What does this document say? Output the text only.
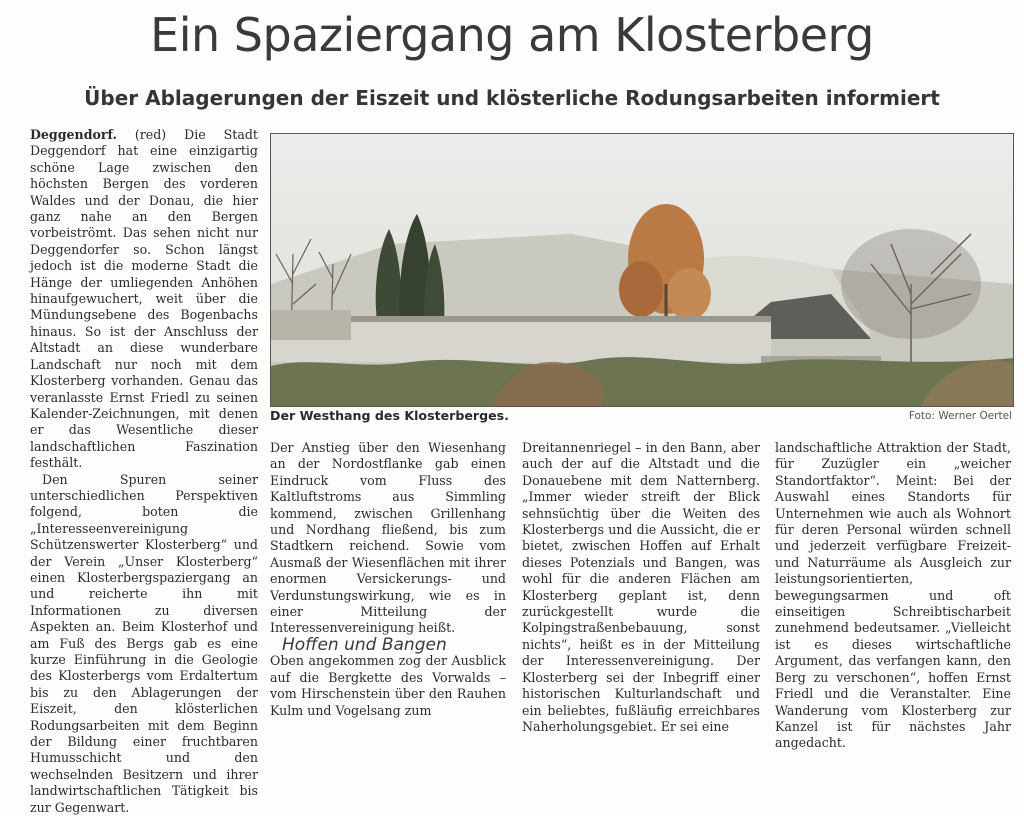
Ein Spaziergang am Klosterberg
Über Ablagerungen der Eiszeit und klösterliche Rodungsarbeiten informiert

Deggendorf. (red) Die Stadt Deggendorf hat eine einzigartig schöne Lage zwischen den höchsten Bergen des vorderen Waldes und der Donau, die hier ganz nahe an den Bergen vorbeiströmt. Das sehen nicht nur Deggendorfer so. Schon längst jedoch ist die moderne Stadt die Hänge der umliegenden Anhöhen hinaufgewuchert, weit über die Mündungsebene des Bogenbachs hinaus. So ist der Anschluss der Altstadt an diese wunderbare Landschaft nur noch mit dem Klosterberg vorhanden. Genau das veranlasste Ernst Friedl zu seinen Kalender-Zeichnungen, mit denen er das Wesentliche dieser landschaftlichen Faszination festhält.

Den Spuren seiner unterschiedlichen Perspektiven folgend, boten die „Interesseenvereinigung Schützenswerter Klosterberg“ und der Verein „Unser Klosterberg“ einen Klosterbergspaziergang an und reicherte ihn mit Informationen zu diversen Aspekten an. Beim Klosterhof und am Fuß des Bergs gab es eine kurze Einführung in die Geologie des Klosterbergs vom Erdaltertum bis zu den Ablagerungen der Eiszeit, den klösterlichen Rodungsarbeiten mit dem Beginn der Bildung einer fruchtbaren Humusschicht und den wechselnden Besitzern und ihrer landwirtschaftlichen Tätigkeit bis zur Gegenwart.

Der Westhang des Klosterberges.	Foto: Werner Oertel

Der Anstieg über den Wiesenhang an der Nordostflanke gab einen Eindruck vom Fluss des Kaltluftstroms aus Simmling kommend, zwischen Grillenhang und Nordhang fließend, bis zum Stadtkern reichend. Sowie vom Ausmaß der Wiesenflächen mit ihrer enormen Versickerungs- und Verdunstungswirkung, wie es in einer Mitteilung der Interessenvereinigung heißt.

Hoffen und Bangen

Oben angekommen zog der Ausblick auf die Bergkette des Vorwalds – vom Hirschenstein über den Rauhen Kulm und Vogelsang zum

Dreitannenriegel – in den Bann, aber auch der auf die Altstadt und die Donauebene mit dem Natternberg. „Immer wieder streift der Blick sehnsüchtig über die Weiten des Klosterbergs und die Aussicht, die er bietet, zwischen Hoffen auf Erhalt dieses Potenzials und Bangen, was wohl für die anderen Flächen am Klosterberg geplant ist, denn zurückgestellt wurde die Kolpingstraßenbebauung, sonst nichts“, heißt es in der Mitteilung der Interessenvereinigung. Der Klosterberg sei der Inbegriff einer historischen Kulturlandschaft und ein beliebtes, fußläufig erreichbares Naherholungsgebiet. Er sei eine

landschaftliche Attraktion der Stadt, für Zuzügler ein „weicher Standortfaktor“. Meint: Bei der Auswahl eines Standorts für Unternehmen wie auch als Wohnort für deren Personal würden schnell und jederzeit verfügbare Freizeit- und Naturräume als Ausgleich zur leistungsorientierten, bewegungsarmen und oft einseitigen Schreibtischarbeit zunehmend bedeutsamer. „Vielleicht ist es dieses wirtschaftliche Argument, das verfangen kann, den Berg zu verschonen“, hoffen Ernst Friedl und die Veranstalter. Eine Wanderung vom Klosterberg zur Kanzel ist für nächstes Jahr angedacht.
